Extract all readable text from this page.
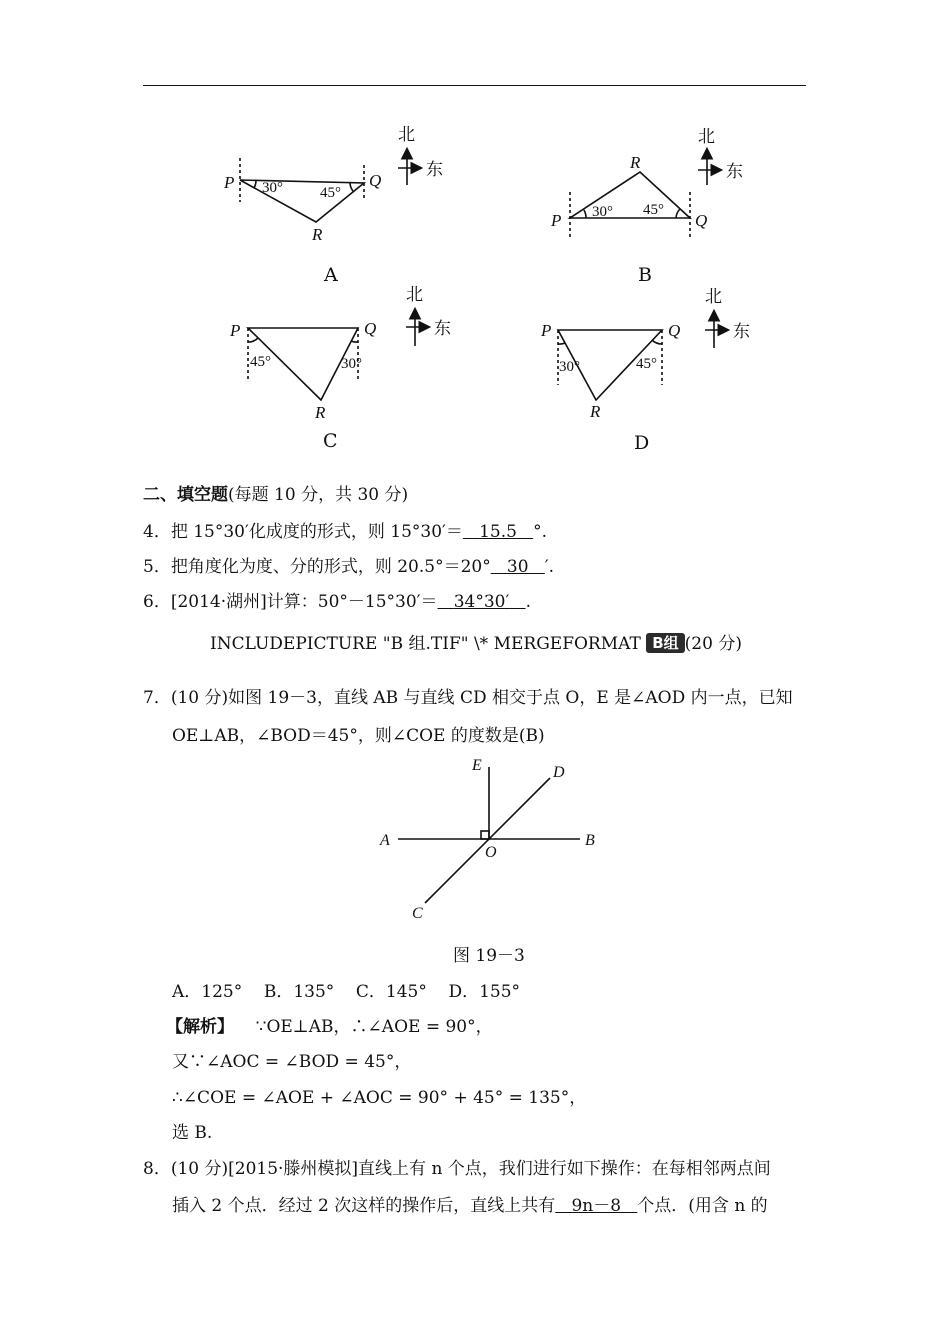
北
东
北
东
北
东
北
东
P	Q
R
30° 45°
P	Q
R
30° 45°
P	Q
R
45°	30°
P	Q
R
30°	45°
A	B
C	D
二、填空题(每题 10 分，共 30 分)
4．把 15°30′化成度的形式，则 15°30′＝ 15.5 °.
5．把角度化为度、分的形式，则 20.5°＝20° 30 ′.
6．[2014·湖州]计算：50°－15°30′＝ 34°30′ .
INCLUDEPICTURE "B 组.TIF" \* MERGEFORMAT B组 (20 分)
7．(10 分)如图 19－3，直线 AB 与直线 CD 相交于点 O，E 是∠AOD 内一点，已知
OE⊥AB，∠BOD＝45°，则∠COE 的度数是(B)
A	B
C
D
E
O
图 19－3
A．125°    B．135°    C．145°    D．155°
【解析】 ∵OE⊥AB，∴∠AOE = 90°，
又∵∠AOC = ∠BOD = 45°，
∴∠COE = ∠AOE + ∠AOC = 90° + 45° = 135°，
选 B.
8．(10 分)[2015·滕州模拟]直线上有 n 个点，我们进行如下操作：在每相邻两点间
插入 2 个点．经过 2 次这样的操作后，直线上共有 9n－8 个点．(用含 n 的
